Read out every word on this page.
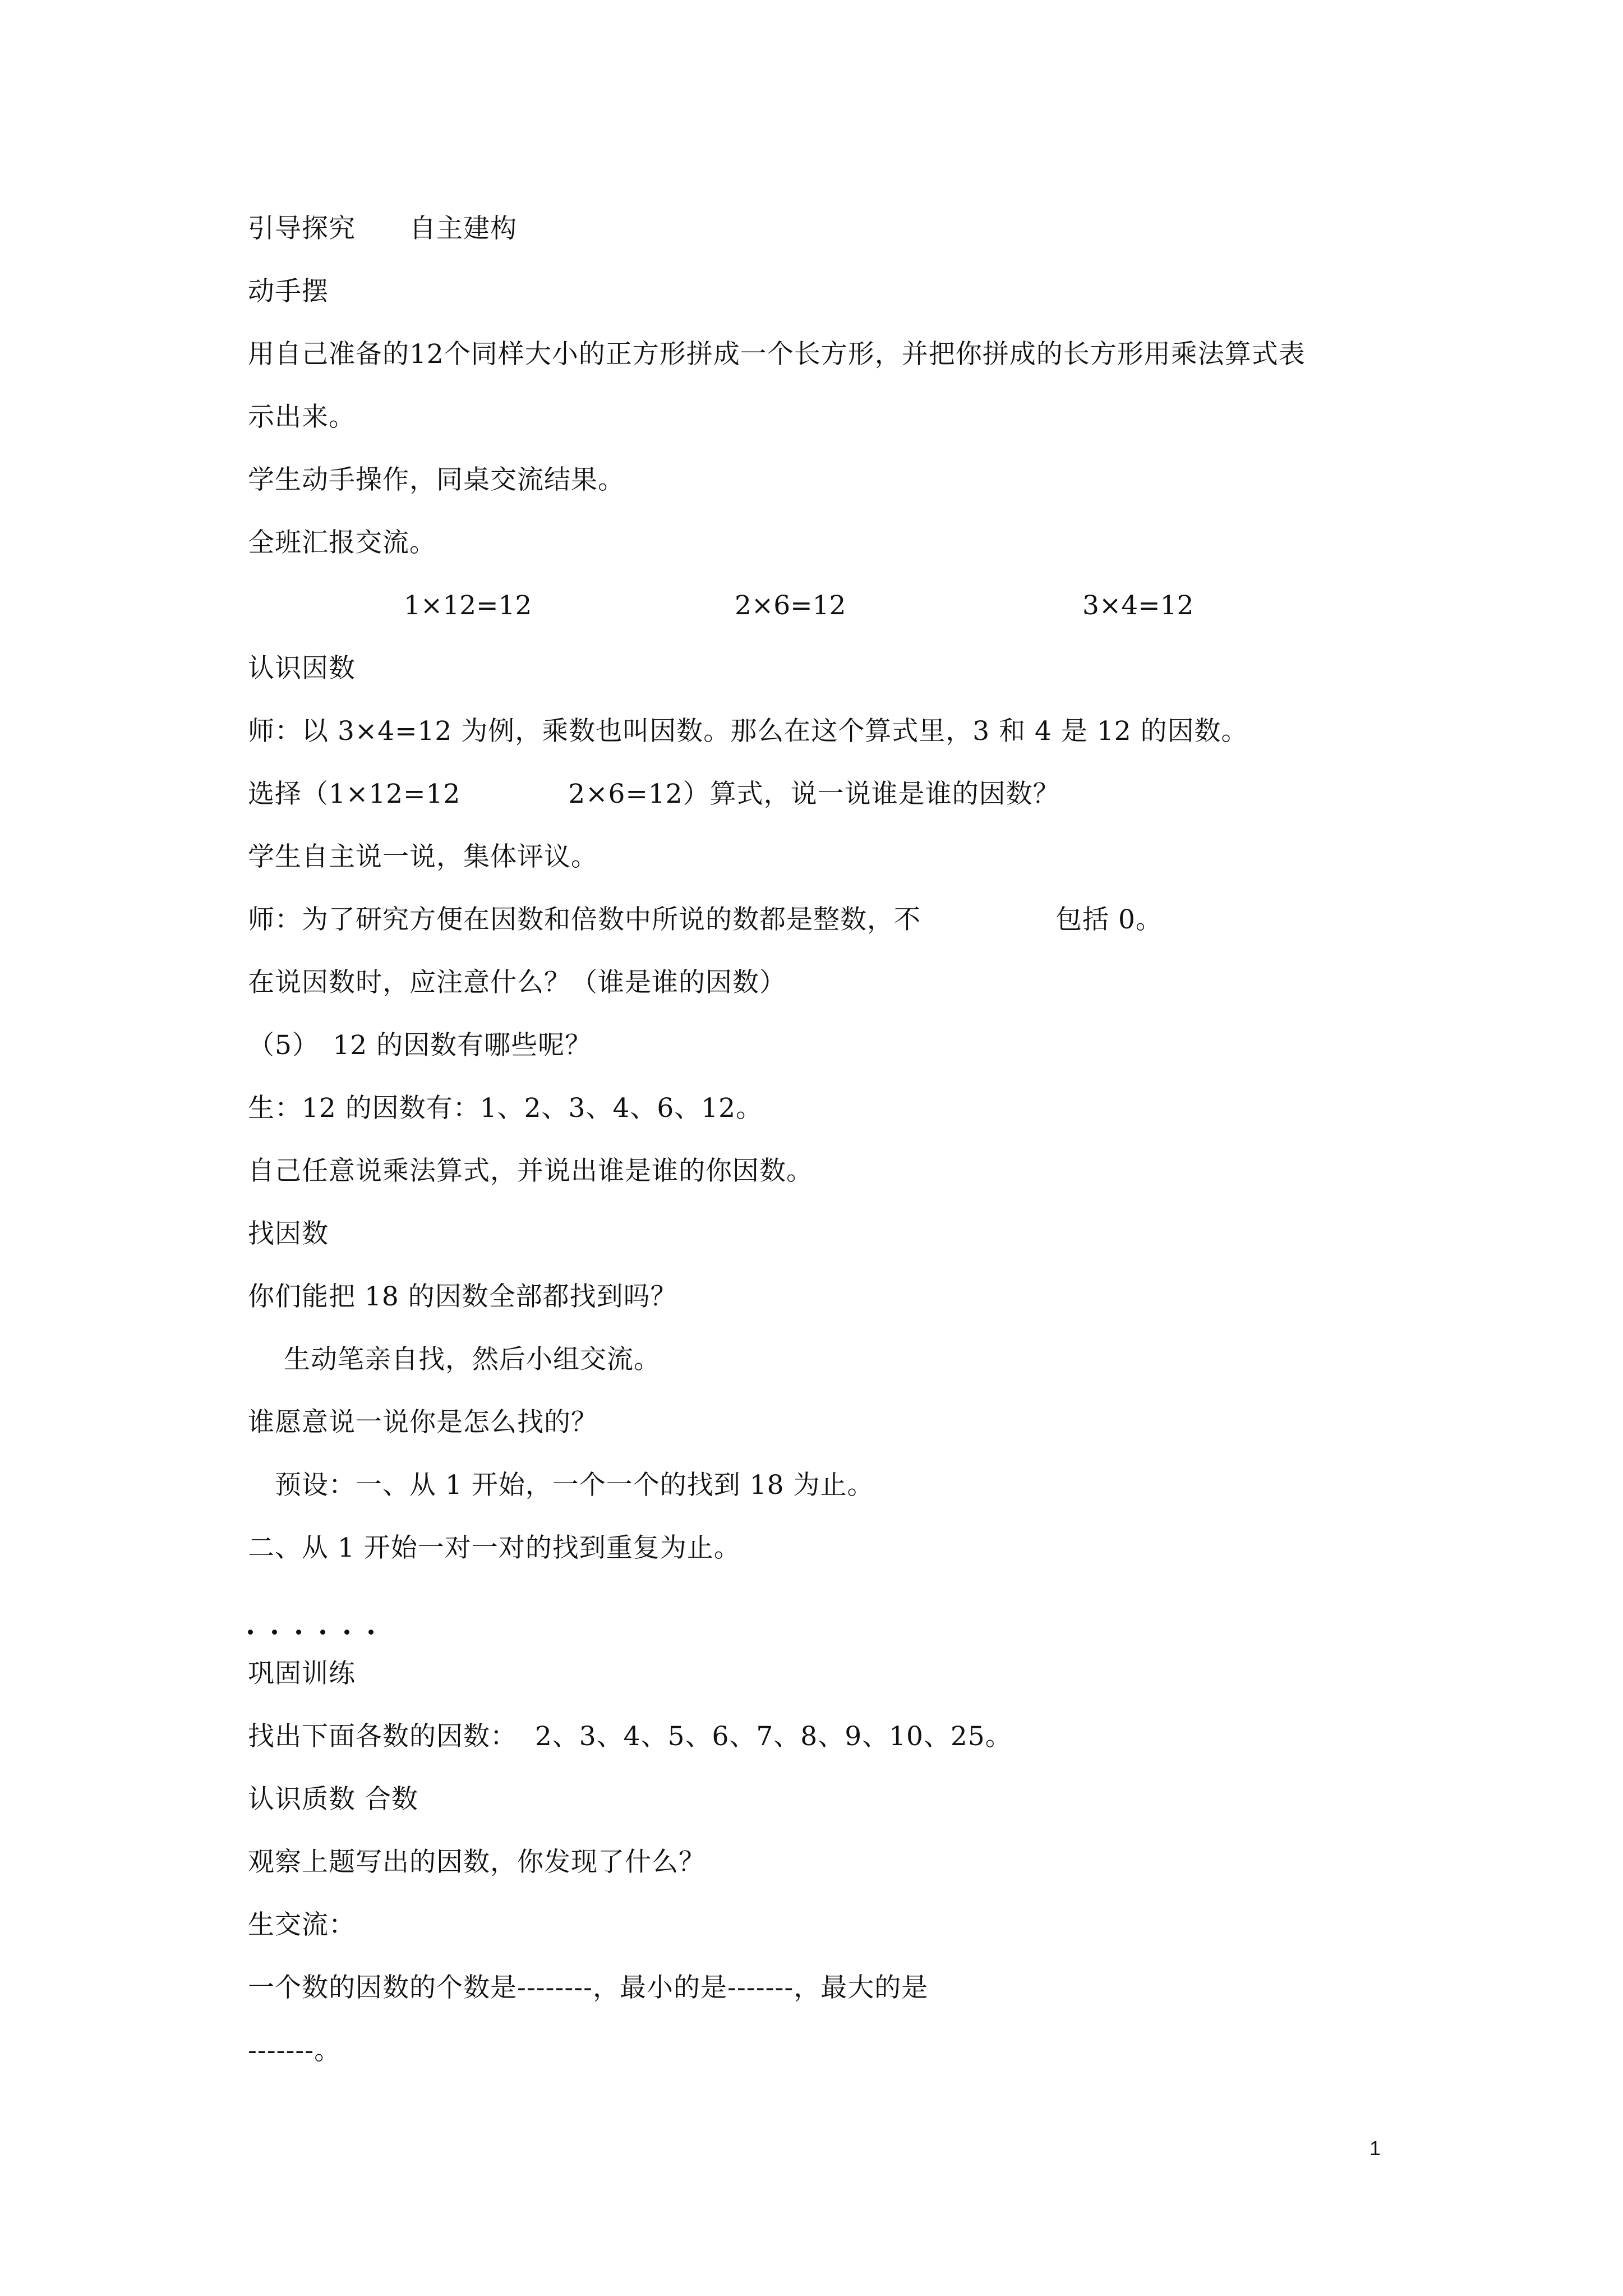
引导探究　　自主建构
动手摆
用自己准备的12个同样大小的正方形拼成一个长方形，并把你拼成的长方形用乘法算式表
示出来。
学生动手操作，同桌交流结果。
全班汇报交流。
1×12=12	2×6=12	3×4=12
认识因数
师：以 3×4=12 为例，乘数也叫因数。那么在这个算式里，3 和 4 是 12 的因数。
选择（1×12=12　　　　2×6=12）算式，说一说谁是谁的因数？
学生自主说一说，集体评议。
师：为了研究方便在因数和倍数中所说的数都是整数，不　　　　　包括 0。
在说因数时，应注意什么？（谁是谁的因数）
（5）　12 的因数有哪些呢？
生：12 的因数有：1、2、3、4、6、12。
自己任意说乘法算式，并说出谁是谁的你因数。
找因数
你们能把 18 的因数全部都找到吗？
　 生动笔亲自找，然后小组交流。
谁愿意说一说你是怎么找的？
　预设：一、从 1 开始，一个一个的找到 18 为止。
二、从 1 开始一对一对的找到重复为止。
巩固训练
找出下面各数的因数：  2、3、4、5、6、7、8、9、10、25。
认识质数 合数
观察上题写出的因数，你发现了什么？
生交流：
一个数的因数的个数是--------，最小的是-------，最大的是
-------。
1
